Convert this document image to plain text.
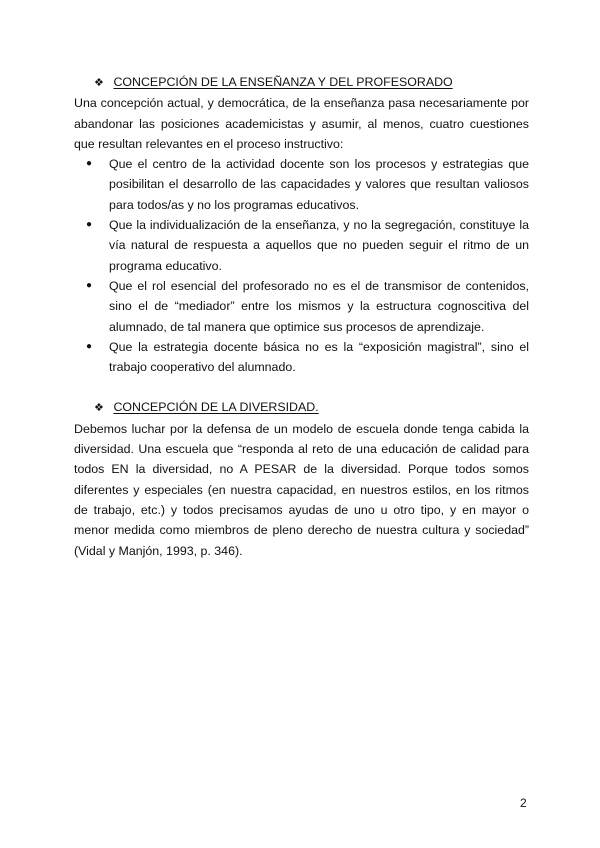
❖ CONCEPCIÓN DE LA ENSEÑANZA Y DEL PROFESORADO

Una concepción actual, y democrática, de la enseñanza pasa necesariamente por abandonar las posiciones academicistas y asumir, al menos, cuatro cuestiones que resultan relevantes en el proceso instructivo:

● Que el centro de la actividad docente son los procesos y estrategias que posibilitan el desarrollo de las capacidades y valores que resultan valiosos para todos/as y no los programas educativos.
● Que la individualización de la enseñanza, y no la segregación, constituye la vía natural de respuesta a aquellos que no pueden seguir el ritmo de un programa educativo.
● Que el rol esencial del profesorado no es el de transmisor de contenidos, sino el de “mediador” entre los mismos y la estructura cognoscitiva del alumnado, de tal manera que optimice sus procesos de aprendizaje.
● Que la estrategia docente básica no es la “exposición magistral”, sino el trabajo cooperativo del alumnado.

❖ CONCEPCIÓN DE LA DIVERSIDAD.

Debemos luchar por la defensa de un modelo de escuela donde tenga cabida la diversidad. Una escuela que “responda al reto de una educación de calidad para todos EN la diversidad, no A PESAR de la diversidad. Porque todos somos diferentes y especiales (en nuestra capacidad, en nuestros estilos, en los ritmos de trabajo, etc.) y todos precisamos ayudas de uno u otro tipo, y en mayor o menor medida como miembros de pleno derecho de nuestra cultura y sociedad” (Vidal y Manjón, 1993, p. 346).

2
